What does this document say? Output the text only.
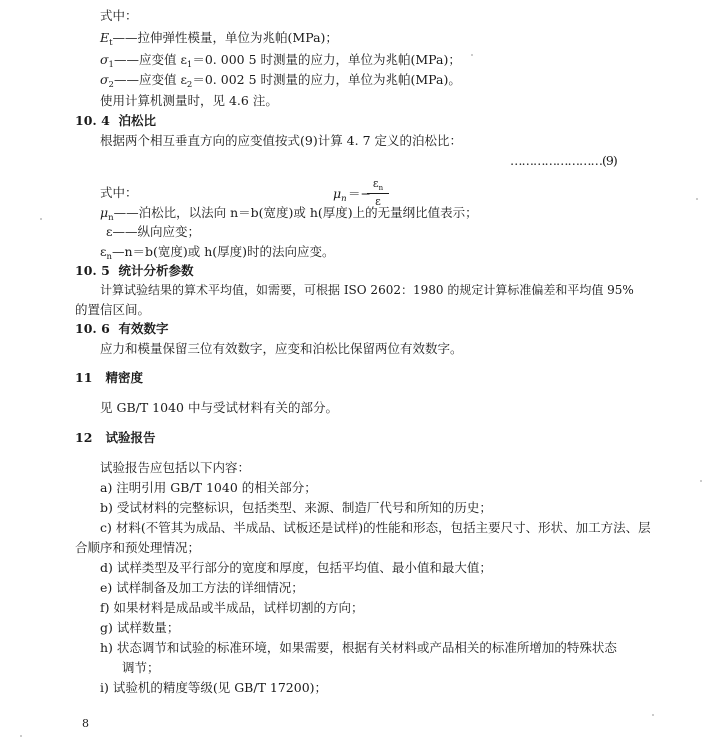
式中：
$E_t——$拉伸弹性模量，单位为兆帕(MPa)；
$\sigma_1——$应变值 $\varepsilon_1=0$. 000 5 时测量的应力，单位为兆帕(MPa)；
$\sigma_2——$应变值 $\varepsilon_2=0$. 002 5 时测量的应力，单位为兆帕(MPa)。
使用计算机测量时，见 4.6 注。
10. 4 泊松比
根据两个相互垂直方向的应变值按式(9)计算 4. 7 定义的泊松比：
$\mu_n$ ＝−
$\varepsilon_n$
ε
……………………(9)
式中：
$\mu_n——$泊松比，以法向 n＝b(宽度)或 h(厚度)上的无量纲比值表示；
ε——纵向应变；
$\varepsilon_n—n=b$(宽度)或 h(厚度)时的法向应变。
10. 5 统计分析参数
计算试验结果的算术平均值，如需要，可根据 ISO 2602：1980 的规定计算标准偏差和平均值 95%
的置信区间。
10. 6 有效数字
应力和模量保留三位有效数字，应变和泊松比保留两位有效数字。
11 精密度
见 GB/T 1040 中与受试材料有关的部分。
12 试验报告
试验报告应包括以下内容：
a) 注明引用 GB/T 1040 的相关部分；
b) 受试材料的完整标识，包括类型、来源、制造厂代号和所知的历史；
c) 材料(不管其为成品、半成品、试板还是试样)的性能和形态，包括主要尺寸、形状、加工方法、层
合顺序和预处理情况；
d) 试样类型及平行部分的宽度和厚度，包括平均值、最小值和最大值；
e) 试样制备及加工方法的详细情况；
f) 如果材料是成品或半成品，试样切割的方向；
g) 试样数量；
h) 状态调节和试验的标准环境，如果需要，根据有关材料或产品相关的标准所增加的特殊状态
调节；
i) 试验机的精度等级(见 GB/T 17200)；
8
